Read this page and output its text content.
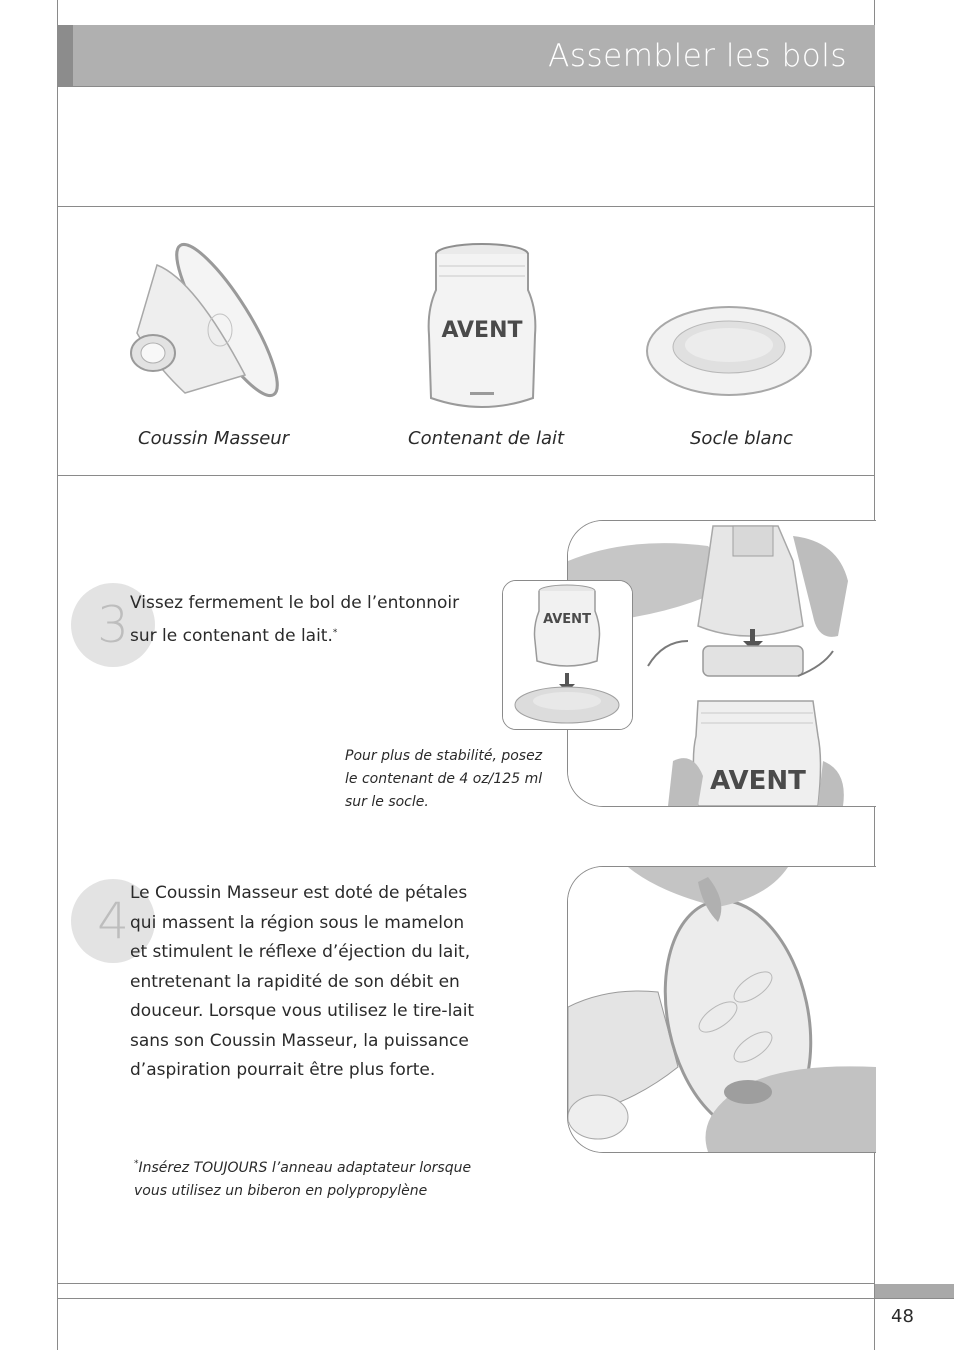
Assembler les bols
AVENT
Coussin Masseur	Contenant de lait	Socle blanc
3 Vissez fermement le bol de l’entonnoir
sur le contenant de lait.*
AVENT
AVENT
Pour plus de stabilité, posez
le contenant de 4 oz/125 ml
sur le socle.
4 Le Coussin Masseur est doté de pétales
qui massent la région sous le mamelon
et stimulent le réflexe d’éjection du lait,
entretenant la rapidité de son débit en
douceur. Lorsque vous utilisez le tire-lait
sans son Coussin Masseur, la puissance
d’aspiration pourrait être plus forte.
*Insérez TOUJOURS l’anneau adaptateur lorsque
vous utilisez un biberon en polypropylène
48
